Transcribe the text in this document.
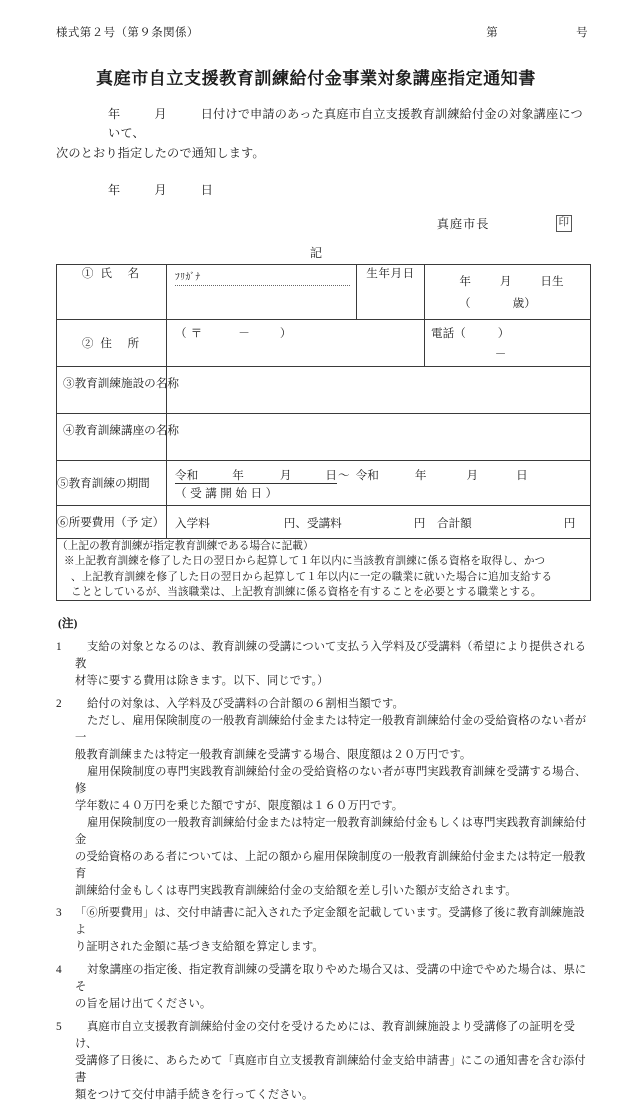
様式第２号（第９条関係）	第	号
真庭市自立支援教育訓練給付金事業対象講座指定通知書
年	月	日付けで申請のあった真庭市自立支援教育訓練給付金の対象講座について、
次のとおり指定したので通知します。
年	月	日
真庭市長	印
記
① 氏　名	ﾌﾘｶﾞﾅ	生年月日	年 月 日生
（ 歳）

② 住　所	（ 〒 － ）		電話（ ）
－

③教育訓練施設の名称			
④教育訓練講座の名称			
⑤教育訓練の期間	令和 年 月 日～ 令和 年 月 日
（受講開始日）		

⑥所要費用（予 定）	入学料 円、受講料 円　合計額 円		

（上記の教育訓練が指定教育訓練である場合に記載）
※上記教育訓練を修了した日の翌日から起算して１年以内に当該教育訓練に係る資格を取得し、かつ
、上記教育訓練を修了した日の翌日から起算して１年以内に一定の職業に就いた場合に追加支給する
こととしているが、当該職業は、上記教育訓練に係る資格を有することを必要とする職業とする。			
(注)
1	支給の対象となるのは、教育訓練の受講について支払う入学料及び受講料（希望により提供される教
材等に要する費用は除きます。以下、同じです。）
2	給付の対象は、入学料及び受講料の合計額の６割相当額です。
ただし、雇用保険制度の一般教育訓練給付金または特定一般教育訓練給付金の受給資格のない者が一
般教育訓練または特定一般教育訓練を受講する場合、限度額は２０万円です。
雇用保険制度の専門実践教育訓練給付金の受給資格のない者が専門実践教育訓練を受講する場合、修
学年数に４０万円を乗じた額ですが、限度額は１６０万円です。
雇用保険制度の一般教育訓練給付金または特定一般教育訓練給付金もしくは専門実践教育訓練給付金
の受給資格のある者については、上記の額から雇用保険制度の一般教育訓練給付金または特定一般教育
訓練給付金もしくは専門実践教育訓練給付金の支給額を差し引いた額が支給されます。
3	「⑥所要費用」は、交付申請書に記入された予定金額を記載しています。受講修了後に教育訓練施設よ
り証明された金額に基づき支給額を算定します。
4	対象講座の指定後、指定教育訓練の受講を取りやめた場合又は、受講の中途でやめた場合は、県にそ
の旨を届け出てください。
5	真庭市自立支援教育訓練給付金の交付を受けるためには、教育訓練施設より受講修了の証明を受け、
受講修了日後に、あらためて「真庭市自立支援教育訓練給付金支給申請書」にこの通知書を含む添付書
類をつけて交付申請手続きを行ってください。
